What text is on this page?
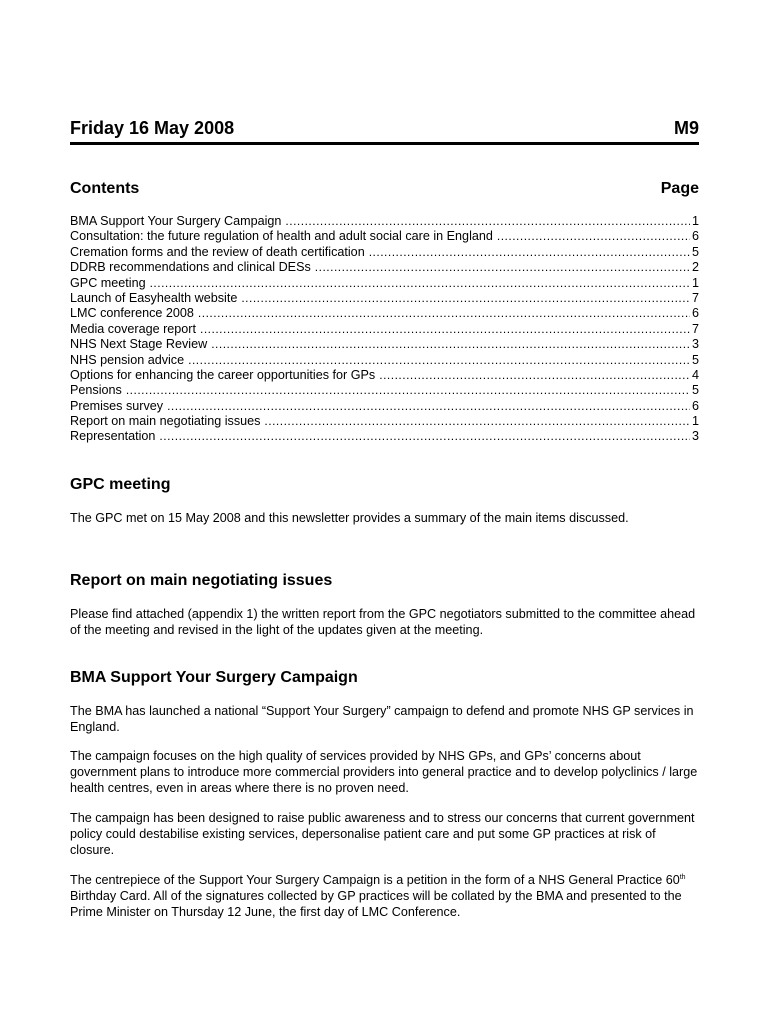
Friday 16 May 2008	M9
Contents	Page
BMA Support Your Surgery Campaign .....	1
Consultation: the future regulation of health and adult social care in England .....	6
Cremation forms and the review of death certification .....	5
DDRB recommendations and clinical DESs .....	2
GPC meeting .....	1
Launch of Easyhealth website .....	7
LMC conference 2008 .....	6
Media coverage report .....	7
NHS Next Stage Review .....	3
NHS pension advice .....	5
Options for enhancing the career opportunities for GPs .....	4
Pensions .....	5
Premises survey .....	6
Report on main negotiating issues .....	1
Representation .....	3
GPC meeting

The GPC met on 15 May 2008 and this newsletter provides a summary of the main items discussed.

Report on main negotiating issues

Please find attached (appendix 1) the written report from the GPC negotiators submitted to the committee ahead of the meeting and revised in the light of the updates given at the meeting.

BMA Support Your Surgery Campaign

The BMA has launched a national “Support Your Surgery” campaign to defend and promote NHS GP services in England.

The campaign focuses on the high quality of services provided by NHS GPs, and GPs’ concerns about government plans to introduce more commercial providers into general practice and to develop polyclinics / large health centres, even in areas where there is no proven need.

The campaign has been designed to raise public awareness and to stress our concerns that current government policy could destabilise existing services, depersonalise patient care and put some GP practices at risk of closure.

The centrepiece of the Support Your Surgery Campaign is a petition in the form of a NHS General Practice 60th Birthday Card. All of the signatures collected by GP practices will be collated by the BMA and presented to the Prime Minister on Thursday 12 June, the first day of LMC Conference.
